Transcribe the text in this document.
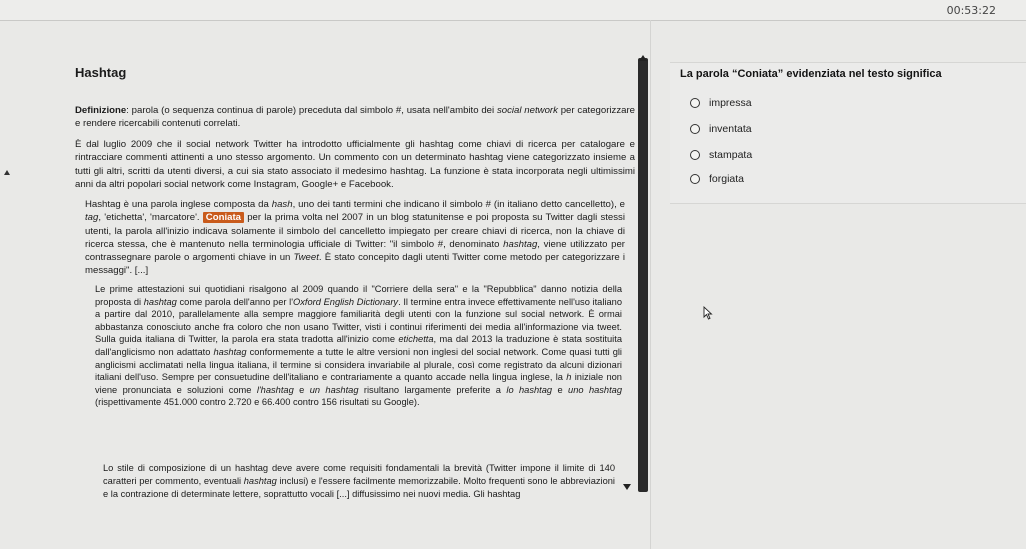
00:53:22
Hashtag

Definizione: parola (o sequenza continua di parole) preceduta dal simbolo #, usata nell'ambito dei social network per categorizzare e rendere ricercabili contenuti correlati.

È dal luglio 2009 che il social network Twitter ha introdotto ufficialmente gli hashtag come chiavi di ricerca per catalogare e rintracciare commenti attinenti a uno stesso argomento. Un commento con un determinato hashtag viene categorizzato insieme a tutti gli altri, scritti da utenti diversi, a cui sia stato associato il medesimo hashtag. La funzione è stata incorporata negli ultimissimi anni da altri popolari social network come Instagram, Google+ e Facebook.

Hashtag è una parola inglese composta da hash, uno dei tanti termini che indicano il simbolo # (in italiano detto cancelletto), e tag, 'etichetta', 'marcatore'. Coniata per la prima volta nel 2007 in un blog statunitense e poi proposta su Twitter dagli stessi utenti, la parola all'inizio indicava solamente il simbolo del cancelletto impiegato per creare chiavi di ricerca, non la chiave di ricerca stessa, che è mantenuto nella terminologia ufficiale di Twitter: "il simbolo #, denominato hashtag, viene utilizzato per contrassegnare parole o argomenti chiave in un Tweet. È stato concepito dagli utenti Twitter come metodo per categorizzare i messaggi". [...]

Le prime attestazioni sui quotidiani risalgono al 2009 quando il "Corriere della sera" e la "Repubblica" danno notizia della proposta di hashtag come parola dell'anno per l'Oxford English Dictionary. Il termine entra invece effettivamente nell'uso italiano a partire dal 2010, parallelamente alla sempre maggiore familiarità degli utenti con la funzione sul social network. È ormai abbastanza conosciuto anche fra coloro che non usano Twitter, visti i continui riferimenti dei media all'informazione via tweet. Sulla guida italiana di Twitter, la parola era stata tradotta all'inizio come etichetta, ma dal 2013 la traduzione è stata sostituita dall'anglicismo non adattato hashtag conformemente a tutte le altre versioni non inglesi del social network. Come quasi tutti gli anglicismi acclimatati nella lingua italiana, il termine si considera invariabile al plurale, così come registrato da alcuni dizionari italiani dell'uso. Sempre per consuetudine dell'italiano e contrariamente a quanto accade nella lingua inglese, la h iniziale non viene pronunciata e soluzioni come l'hashtag e un hashtag risultano largamente preferite a lo hashtag e uno hashtag (rispettivamente 451.000 contro 2.720 e 66.400 contro 156 risultati su Google).

Lo stile di composizione di un hashtag deve avere come requisiti fondamentali la brevità (Twitter impone il limite di 140 caratteri per commento, eventuali hashtag inclusi) e l'essere facilmente memorizzabile. Molto frequenti sono le abbreviazioni e la contrazione di determinate lettere, soprattutto vocali [...] diffusissimo nei nuovi media. Gli hashtag

La parola “Coniata” evidenziata nel testo significa
impressa
inventata
stampata
forgiata
